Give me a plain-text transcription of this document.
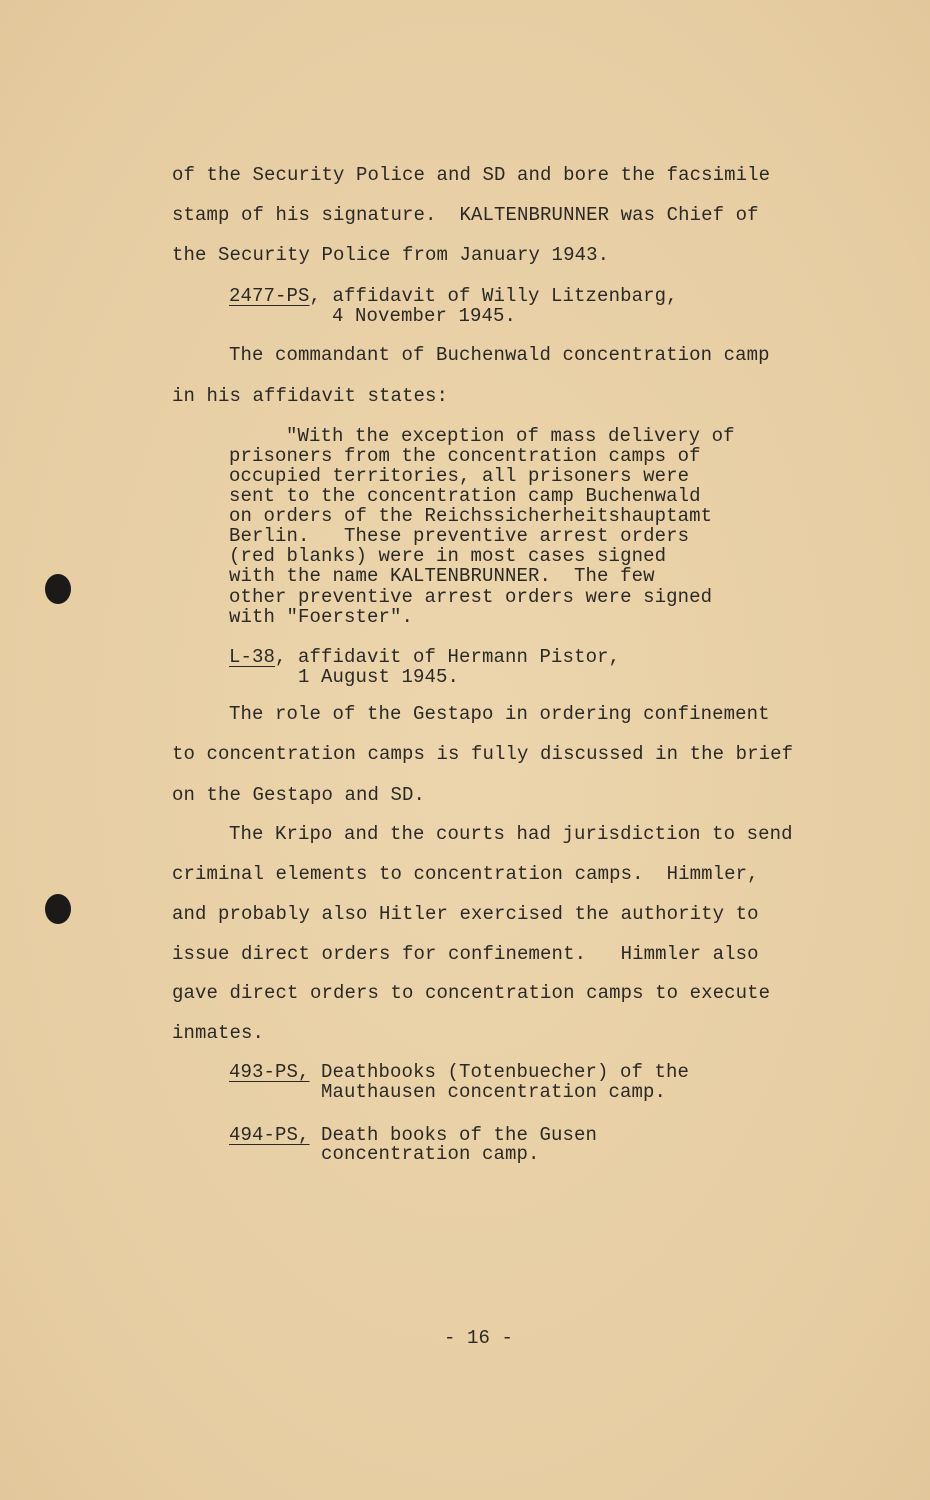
of the Security Police and SD and bore the facsimile
stamp of his signature.  KALTENBRUNNER was Chief of
the Security Police from January 1943.
2477-PS, affidavit of Willy Litzenbarg,
4 November 1945.
The commandant of Buchenwald concentration camp
in his affidavit states:
"With the exception of mass delivery of
prisoners from the concentration camps of
occupied territories, all prisoners were
sent to the concentration camp Buchenwald
on orders of the Reichssicherheitshauptamt
Berlin.   These preventive arrest orders
(red blanks) were in most cases signed
with the name KALTENBRUNNER.  The few
other preventive arrest orders were signed
with "Foerster".
L-38, affidavit of Hermann Pistor,
1 August 1945.
The role of the Gestapo in ordering confinement
to concentration camps is fully discussed in the brief
on the Gestapo and SD.
The Kripo and the courts had jurisdiction to send
criminal elements to concentration camps.  Himmler,
and probably also Hitler exercised the authority to
issue direct orders for confinement.   Himmler also
gave direct orders to concentration camps to execute
inmates.
493-PS, Deathbooks (Totenbuecher) of the
Mauthausen concentration camp.
494-PS, Death books of the Gusen
concentration camp.
- 16 -
